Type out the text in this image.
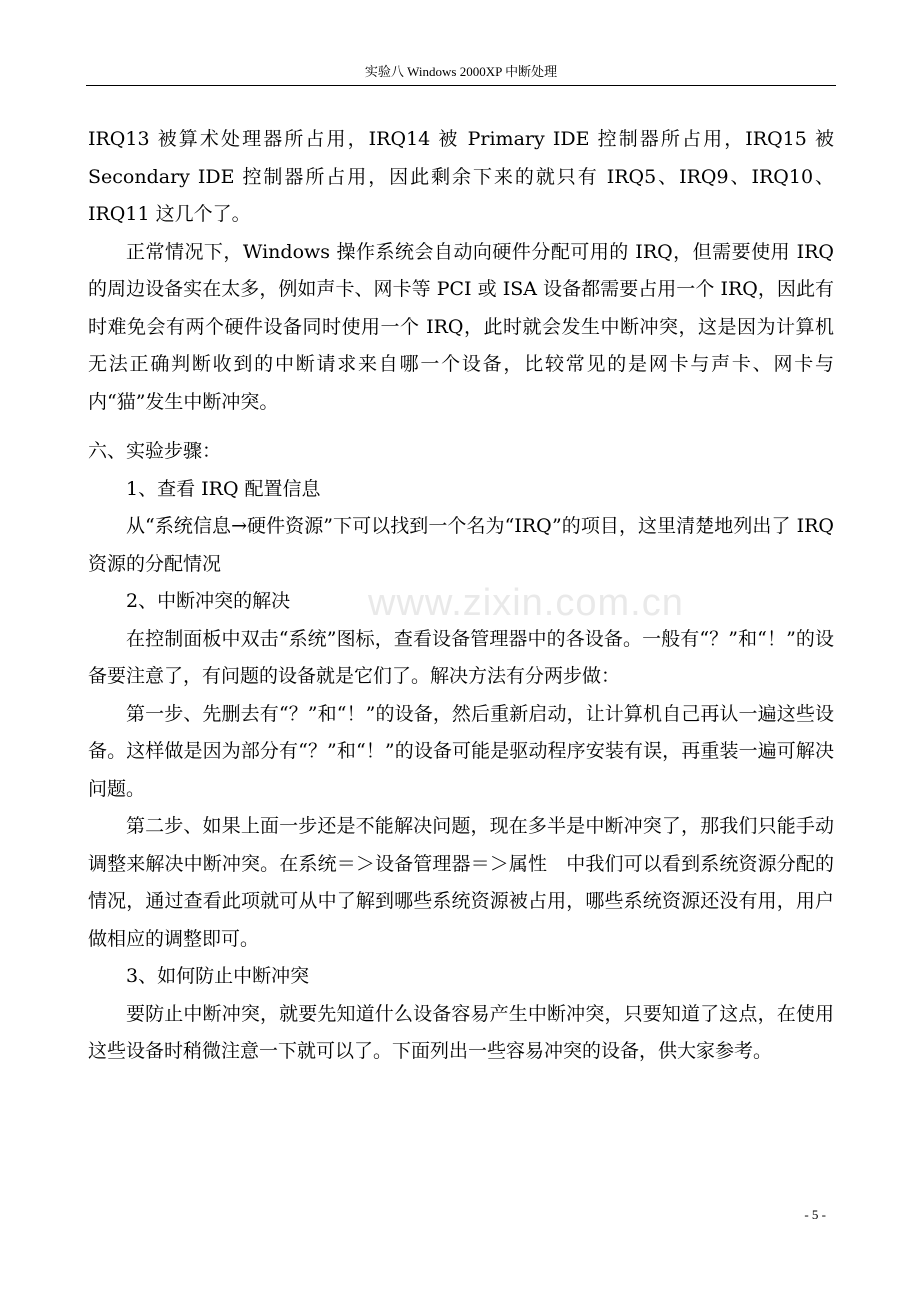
实验八 Windows 2000XP 中断处理
www.zixin.com.cn

IRQ13 被算术处理器所占用，IRQ14 被 Primary IDE 控制器所占用，IRQ15 被 Secondary IDE 控制器所占用，因此剩余下来的就只有 IRQ5、IRQ9、IRQ10、IRQ11 这几个了。

正常情况下，Windows 操作系统会自动向硬件分配可用的 IRQ，但需要使用 IRQ 的周边设备实在太多，例如声卡、网卡等 PCI 或 ISA 设备都需要占用一个 IRQ，因此有时难免会有两个硬件设备同时使用一个 IRQ，此时就会发生中断冲突，这是因为计算机无法正确判断收到的中断请求来自哪一个设备，比较常见的是网卡与声卡、网卡与内“猫”发生中断冲突。

六、实验步骤：

1、查看 IRQ 配置信息

从“系统信息→硬件资源”下可以找到一个名为“IRQ”的项目，这里清楚地列出了 IRQ 资源的分配情况

2、中断冲突的解决

在控制面板中双击“系统”图标，查看设备管理器中的各设备。一般有“？”和“！”的设备要注意了，有问题的设备就是它们了。解决方法有分两步做：

第一步、先删去有“？”和“！”的设备，然后重新启动，让计算机自己再认一遍这些设备。这样做是因为部分有“？”和“！”的设备可能是驱动程序安装有误，再重装一遍可解决问题。

第二步、如果上面一步还是不能解决问题，现在多半是中断冲突了，那我们只能手动调整来解决中断冲突。在系统＝＞设备管理器＝＞属性　中我们可以看到系统资源分配的情况，通过查看此项就可从中了解到哪些系统资源被占用，哪些系统资源还没有用，用户做相应的调整即可。

3、如何防止中断冲突

要防止中断冲突，就要先知道什么设备容易产生中断冲突，只要知道了这点，在使用这些设备时稍微注意一下就可以了。下面列出一些容易冲突的设备，供大家参考。

- 5 -
